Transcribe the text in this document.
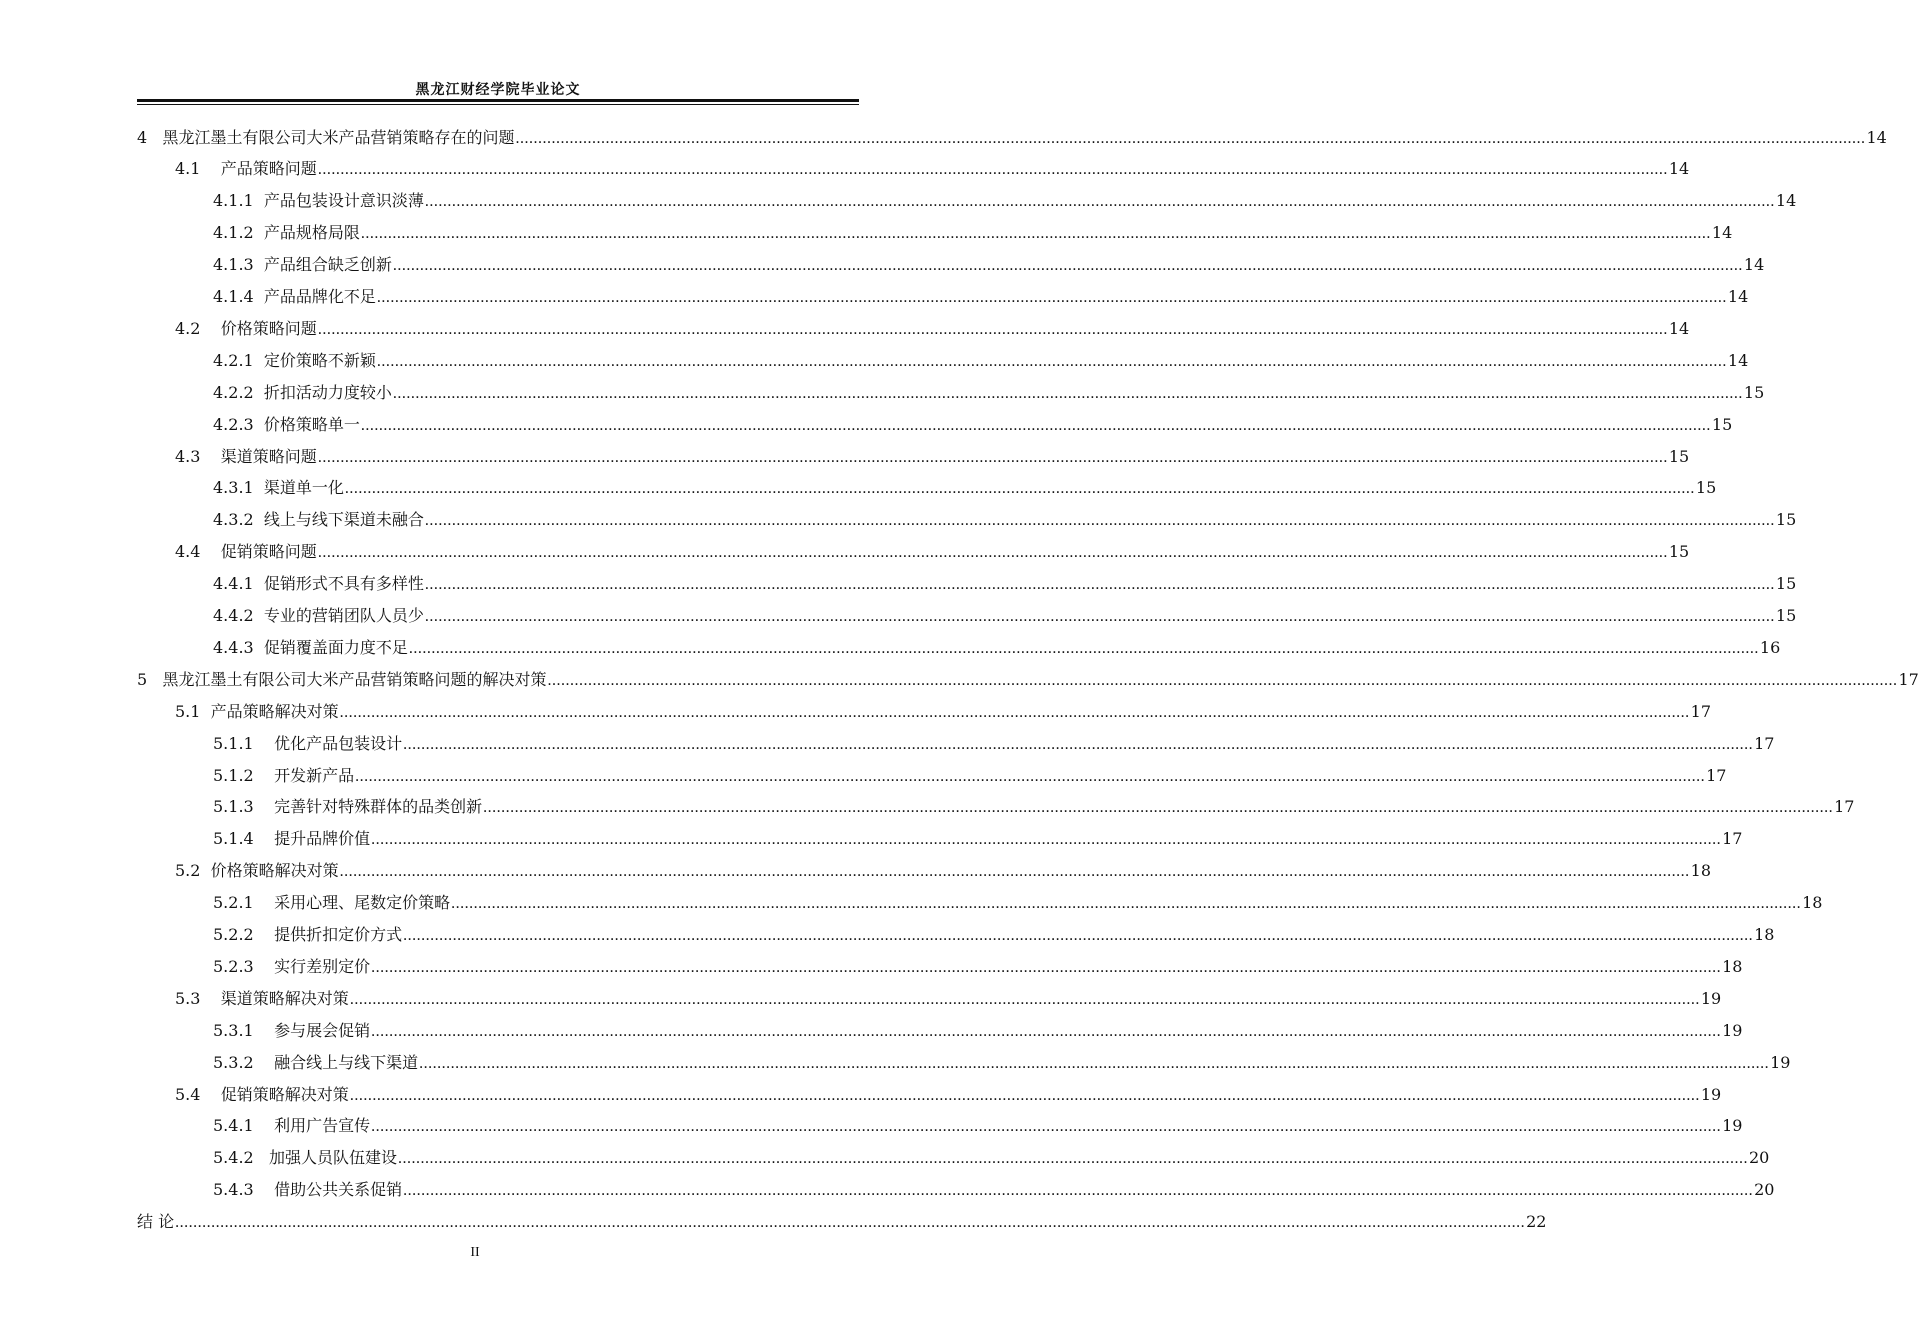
黑龙江财经学院毕业论文
4 黑龙江墨土有限公司大米产品营销策略存在的问题 ............................................................................................................................................................................................................................................................................................................ 14
4.1 产品策略问题 ............................................................................................................................................................................................................................................................................................................ 14
4.1.1 产品包装设计意识淡薄 ............................................................................................................................................................................................................................................................................................................ 14
4.1.2 产品规格局限 ............................................................................................................................................................................................................................................................................................................ 14
4.1.3 产品组合缺乏创新 ............................................................................................................................................................................................................................................................................................................ 14
4.1.4 产品品牌化不足 ............................................................................................................................................................................................................................................................................................................ 14
4.2 价格策略问题 ............................................................................................................................................................................................................................................................................................................ 14
4.2.1 定价策略不新颖 ............................................................................................................................................................................................................................................................................................................ 14
4.2.2 折扣活动力度较小 ............................................................................................................................................................................................................................................................................................................ 15
4.2.3 价格策略单一 ............................................................................................................................................................................................................................................................................................................ 15
4.3 渠道策略问题 ............................................................................................................................................................................................................................................................................................................ 15
4.3.1 渠道单一化 ............................................................................................................................................................................................................................................................................................................ 15
4.3.2 线上与线下渠道未融合 ............................................................................................................................................................................................................................................................................................................ 15
4.4 促销策略问题 ............................................................................................................................................................................................................................................................................................................ 15
4.4.1 促销形式不具有多样性 ............................................................................................................................................................................................................................................................................................................ 15
4.4.2 专业的营销团队人员少 ............................................................................................................................................................................................................................................................................................................ 15
4.4.3 促销覆盖面力度不足 ............................................................................................................................................................................................................................................................................................................ 16
5 黑龙江墨土有限公司大米产品营销策略问题的解决对策 ............................................................................................................................................................................................................................................................................................................ 17
5.1 产品策略解决对策 ............................................................................................................................................................................................................................................................................................................ 17
5.1.1 优化产品包装设计 ............................................................................................................................................................................................................................................................................................................ 17
5.1.2 开发新产品 ............................................................................................................................................................................................................................................................................................................ 17
5.1.3 完善针对特殊群体的品类创新 ............................................................................................................................................................................................................................................................................................................ 17
5.1.4 提升品牌价值 ............................................................................................................................................................................................................................................................................................................ 17
5.2 价格策略解决对策 ............................................................................................................................................................................................................................................................................................................ 18
5.2.1 采用心理、尾数定价策略 ............................................................................................................................................................................................................................................................................................................ 18
5.2.2 提供折扣定价方式 ............................................................................................................................................................................................................................................................................................................ 18
5.2.3 实行差别定价 ............................................................................................................................................................................................................................................................................................................ 18
5.3 渠道策略解决对策 ............................................................................................................................................................................................................................................................................................................ 19
5.3.1 参与展会促销 ............................................................................................................................................................................................................................................................................................................ 19
5.3.2 融合线上与线下渠道 ............................................................................................................................................................................................................................................................................................................ 19
5.4 促销策略解决对策 ............................................................................................................................................................................................................................................................................................................ 19
5.4.1 利用广告宣传 ............................................................................................................................................................................................................................................................................................................ 19
5.4.2 加强人员队伍建设 ............................................................................................................................................................................................................................................................................................................ 20
5.4.3 借助公共关系促销 ............................................................................................................................................................................................................................................................................................................ 20
结 论 ............................................................................................................................................................................................................................................................................................................ 22
II
